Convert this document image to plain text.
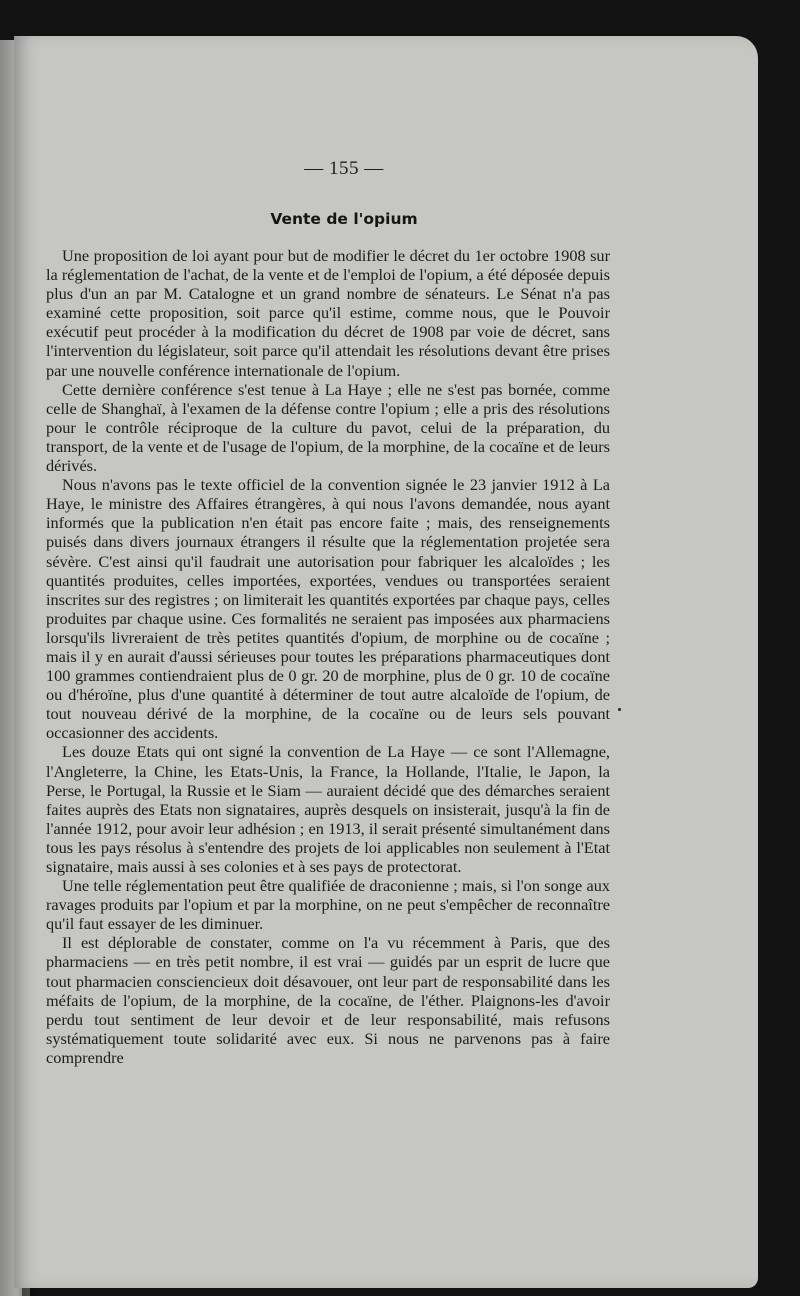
— 155 —
Vente de l'opium

Une proposition de loi ayant pour but de modifier le décret du 1er octobre 1908 sur la réglementation de l'achat, de la vente et de l'emploi de l'opium, a été déposée depuis plus d'un an par M. Catalogne et un grand nombre de sénateurs. Le Sénat n'a pas examiné cette proposition, soit parce qu'il estime, comme nous, que le Pouvoir exécutif peut procéder à la modification du décret de 1908 par voie de décret, sans l'intervention du législateur, soit parce qu'il attendait les résolutions devant être prises par une nouvelle conférence internationale de l'opium.

Cette dernière conférence s'est tenue à La Haye ; elle ne s'est pas bornée, comme celle de Shanghaï, à l'examen de la défense contre l'opium ; elle a pris des résolutions pour le contrôle réciproque de la culture du pavot, celui de la préparation, du transport, de la vente et de l'usage de l'opium, de la morphine, de la cocaïne et de leurs dérivés.

Nous n'avons pas le texte officiel de la convention signée le 23 janvier 1912 à La Haye, le ministre des Affaires étrangères, à qui nous l'avons demandée, nous ayant informés que la publication n'en était pas encore faite ; mais, des renseignements puisés dans divers journaux étrangers il résulte que la réglementation projetée sera sévère. C'est ainsi qu'il faudrait une autorisation pour fabriquer les alcaloïdes ; les quantités produites, celles importées, exportées, vendues ou transportées seraient inscrites sur des registres ; on limiterait les quantités exportées par chaque pays, celles produites par chaque usine. Ces formalités ne seraient pas imposées aux pharmaciens lorsqu'ils livreraient de très petites quantités d'opium, de morphine ou de cocaïne ; mais il y en aurait d'aussi sérieuses pour toutes les préparations pharmaceutiques dont 100 grammes contiendraient plus de 0 gr. 20 de morphine, plus de 0 gr. 10 de cocaïne ou d'héroïne, plus d'une quantité à déterminer de tout autre alcaloïde de l'opium, de tout nouveau dérivé de la morphine, de la cocaïne ou de leurs sels pouvant occasionner des accidents.

Les douze Etats qui ont signé la convention de La Haye — ce sont l'Allemagne, l'Angleterre, la Chine, les Etats-Unis, la France, la Hollande, l'Italie, le Japon, la Perse, le Portugal, la Russie et le Siam — auraient décidé que des démarches seraient faites auprès des Etats non signataires, auprès desquels on insisterait, jusqu'à la fin de l'année 1912, pour avoir leur adhésion ; en 1913, il serait présenté simultanément dans tous les pays résolus à s'entendre des projets de loi applicables non seulement à l'Etat signataire, mais aussi à ses colonies et à ses pays de protectorat.

Une telle réglementation peut être qualifiée de draconienne ; mais, si l'on songe aux ravages produits par l'opium et par la morphine, on ne peut s'empêcher de reconnaître qu'il faut essayer de les diminuer.

Il est déplorable de constater, comme on l'a vu récemment à Paris, que des pharmaciens — en très petit nombre, il est vrai — guidés par un esprit de lucre que tout pharmacien consciencieux doit désavouer, ont leur part de responsabilité dans les méfaits de l'opium, de la morphine, de la cocaïne, de l'éther. Plaignons-les d'avoir perdu tout sentiment de leur devoir et de leur responsabilité, mais refusons systématiquement toute solidarité avec eux. Si nous ne parvenons pas à faire comprendre
